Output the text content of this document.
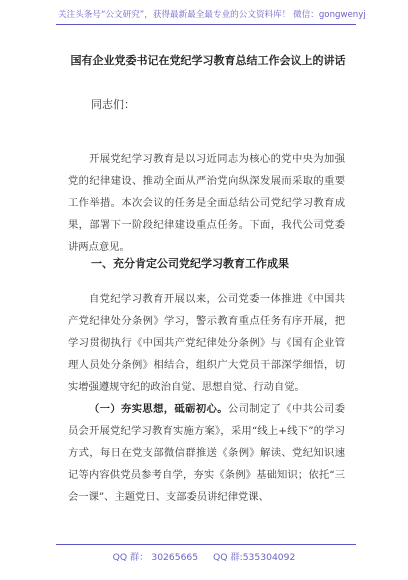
关注头条号“公文研究”，获得最新最全最专业的公文资料库！ 微信：gongwenyj
国有企业党委书记在党纪学习教育总结工作会议上的讲话
同志们：
开展党纪学习教育是以习近同志为核心的党中央为加强党的纪律建设、推动全面从严治党向纵深发展而采取的重要工作举措。本次会议的任务是全面总结公司党纪学习教育成果，部署下一阶段纪律建设重点任务。下面，我代公司党委讲两点意见。
一、充分肯定公司党纪学习教育工作成果
自党纪学习教育开展以来，公司党委一体推进《中国共产党纪律处分条例》学习，警示教育重点任务有序开展，把学习贯彻执行《中国共产党纪律处分条例》与《国有企业管理人员处分条例》相结合，组织广大党员干部深学细悟，切实增强遵规守纪的政治自觉、思想自觉、行动自觉。
（一）夯实思想，砥砺初心。公司制定了《中共公司委员会开展党纪学习教育实施方案》，采用“线上+线下”的学习方式，每日在党支部微信群推送《条例》解读、党纪知识速记等内容供党员参考自学，夯实《条例》基础知识；依托“三会一课”、主题党日、支部委员讲纪律党课、
QQ 群： 30265665 QQ 群:535304092
